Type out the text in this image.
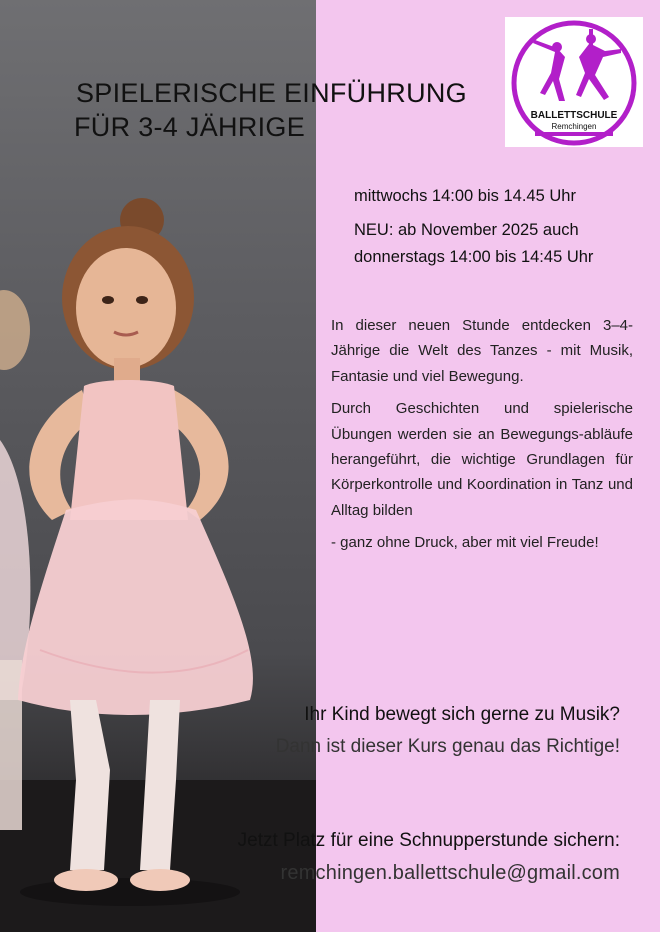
SPIELERISCHE EINFÜHRUNG
FÜR 3-4 JÄHRIGE	BALLETTSCHULE
Remchingen

mittwochs 14:00 bis 14.45 Uhr

NEU: ab November 2025 auch

donnerstags 14:00 bis 14:45 Uhr

In dieser neuen Stunde entdecken 3–4-Jährige die Welt des Tanzes - mit Musik, Fantasie und viel Bewegung.

Durch Geschichten und spielerische Übungen werden sie an Bewegungs-abläufe herangeführt, die wichtige Grundlagen für Körperkontrolle und Koordination in Tanz und Alltag bilden

- ganz ohne Druck, aber mit viel Freude!

Ihr Kind bewegt sich gerne zu Musik?
Dann ist dieser Kurs genau das Richtige!
Jetzt Platz für eine Schnupperstunde sichern:
remchingen.ballettschule@gmail.com
